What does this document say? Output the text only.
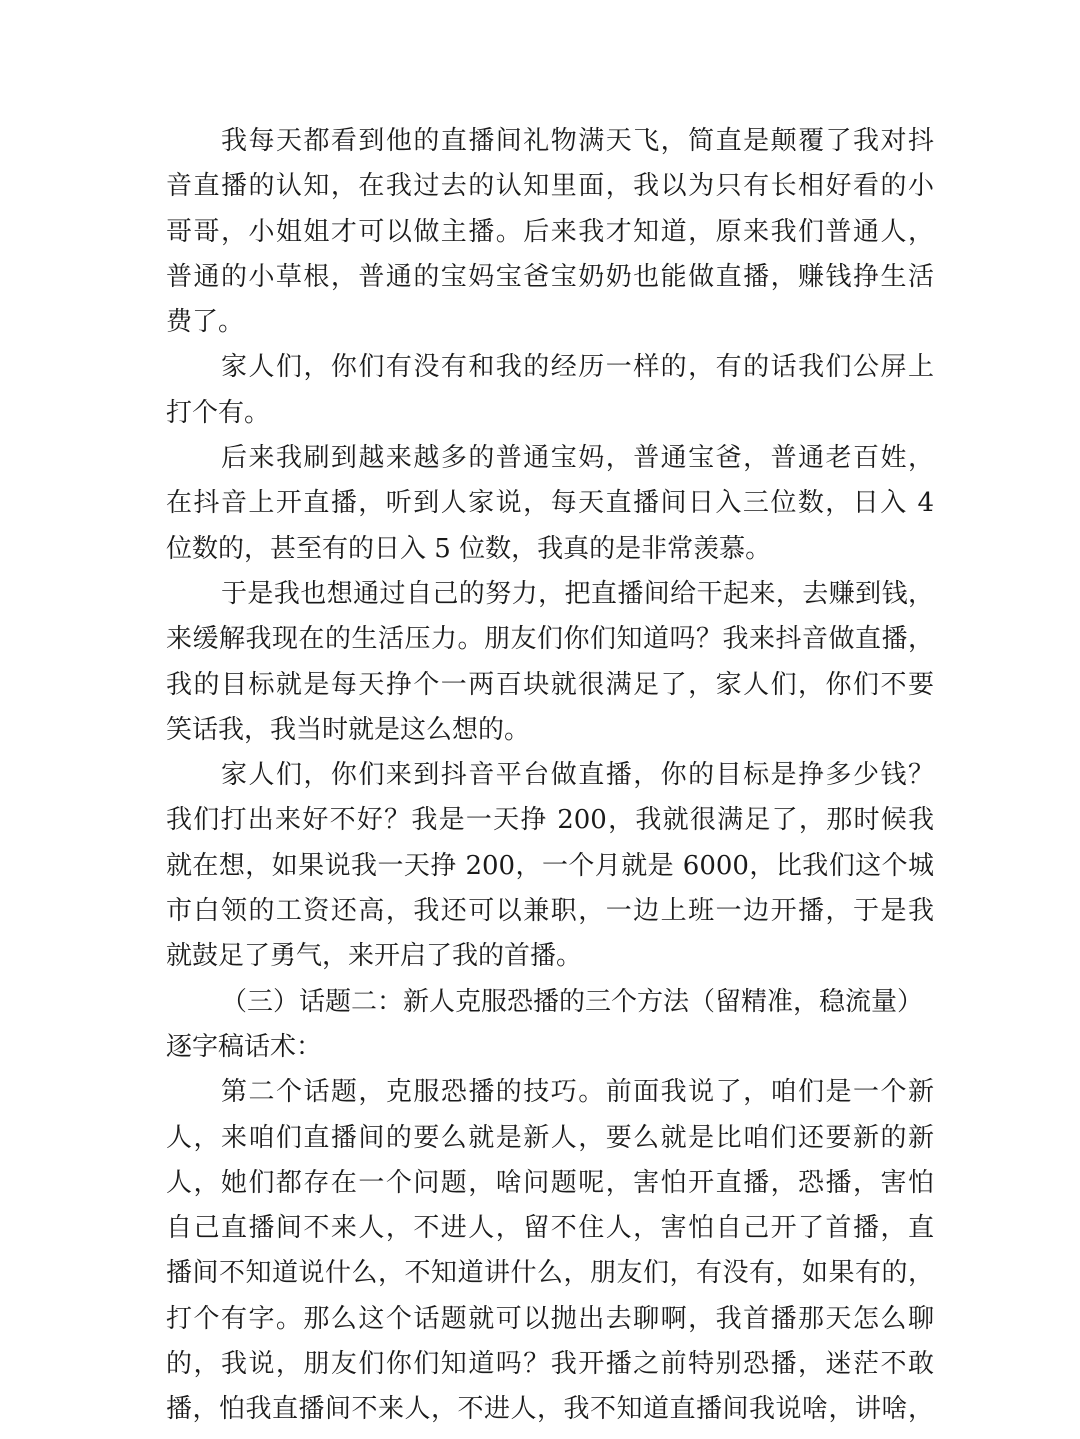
我每天都看到他的直播间礼物满天飞，简直是颠覆了我对抖
音直播的认知，在我过去的认知里面，我以为只有长相好看的小
哥哥，小姐姐才可以做主播。后来我才知道，原来我们普通人，
普通的小草根，普通的宝妈宝爸宝奶奶也能做直播，赚钱挣生活
费了。
家人们，你们有没有和我的经历一样的，有的话我们公屏上
打个有。
后来我刷到越来越多的普通宝妈，普通宝爸，普通老百姓，
在抖音上开直播，听到人家说，每天直播间日入三位数，日入 4
位数的，甚至有的日入 5 位数，我真的是非常羡慕。
于是我也想通过自己的努力，把直播间给干起来，去赚到钱，
来缓解我现在的生活压力。朋友们你们知道吗？我来抖音做直播，
我的目标就是每天挣个一两百块就很满足了，家人们，你们不要
笑话我，我当时就是这么想的。
家人们，你们来到抖音平台做直播，你的目标是挣多少钱？
我们打出来好不好？我是一天挣 200，我就很满足了，那时候我
就在想，如果说我一天挣 200，一个月就是 6000，比我们这个城
市白领的工资还高，我还可以兼职，一边上班一边开播，于是我
就鼓足了勇气，来开启了我的首播。
（三）话题二：新人克服恐播的三个方法（留精准，稳流量）
逐字稿话术：
第二个话题，克服恐播的技巧。前面我说了，咱们是一个新
人，来咱们直播间的要么就是新人，要么就是比咱们还要新的新
人，她们都存在一个问题，啥问题呢，害怕开直播，恐播，害怕
自己直播间不来人，不进人，留不住人，害怕自己开了首播，直
播间不知道说什么，不知道讲什么，朋友们，有没有，如果有的，
打个有字。那么这个话题就可以抛出去聊啊，我首播那天怎么聊
的，我说，朋友们你们知道吗？我开播之前特别恐播，迷茫不敢
播，怕我直播间不来人，不进人，我不知道直播间我说啥，讲啥，
